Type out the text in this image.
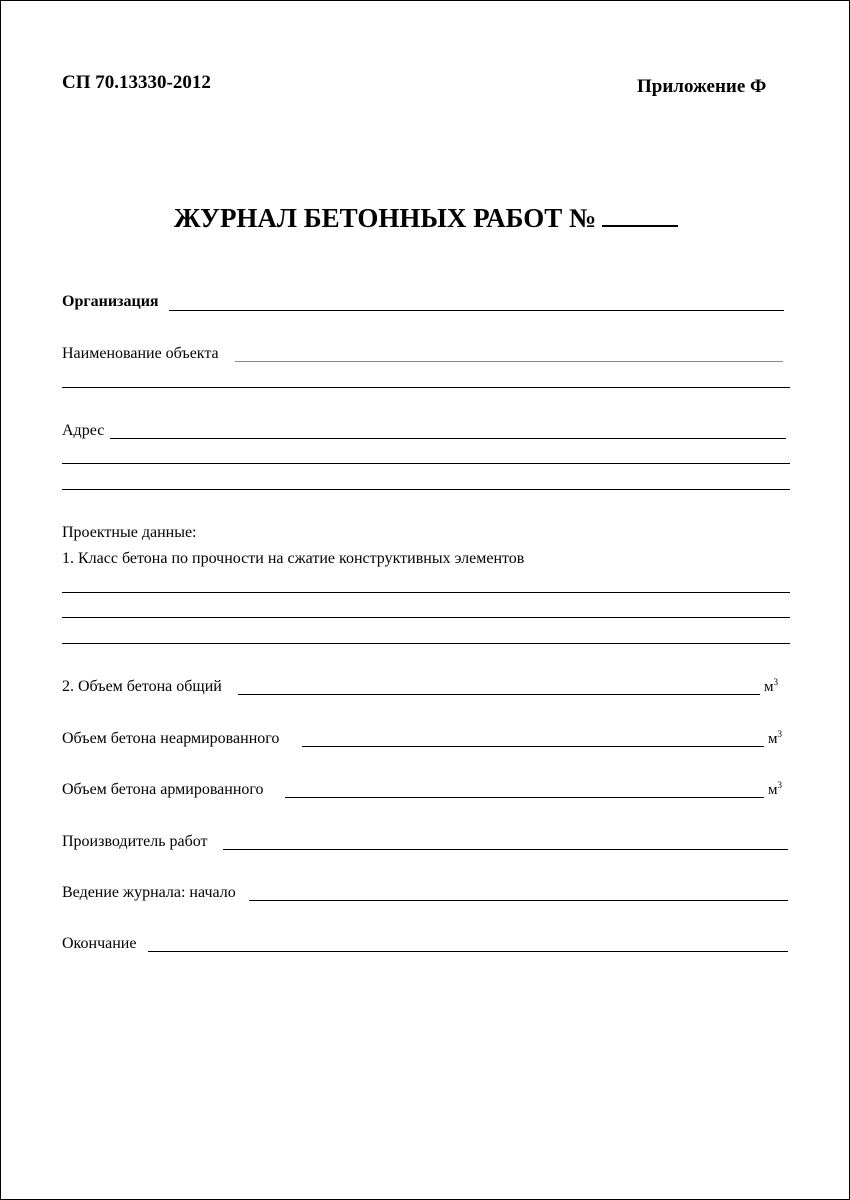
СП 70.13330-2012	Приложение Ф
ЖУРНАЛ БЕТОННЫХ РАБОТ №
Организация
Наименование объекта
Адрес
Проектные данные:
1. Класс бетона по прочности на сжатие конструктивных элементов
2. Объем бетона общий	$м^3$
Объем бетона неармированного	$м^3$
Объем бетона армированного	$м^3$
Производитель работ
Ведение журнала: начало
Окончание
